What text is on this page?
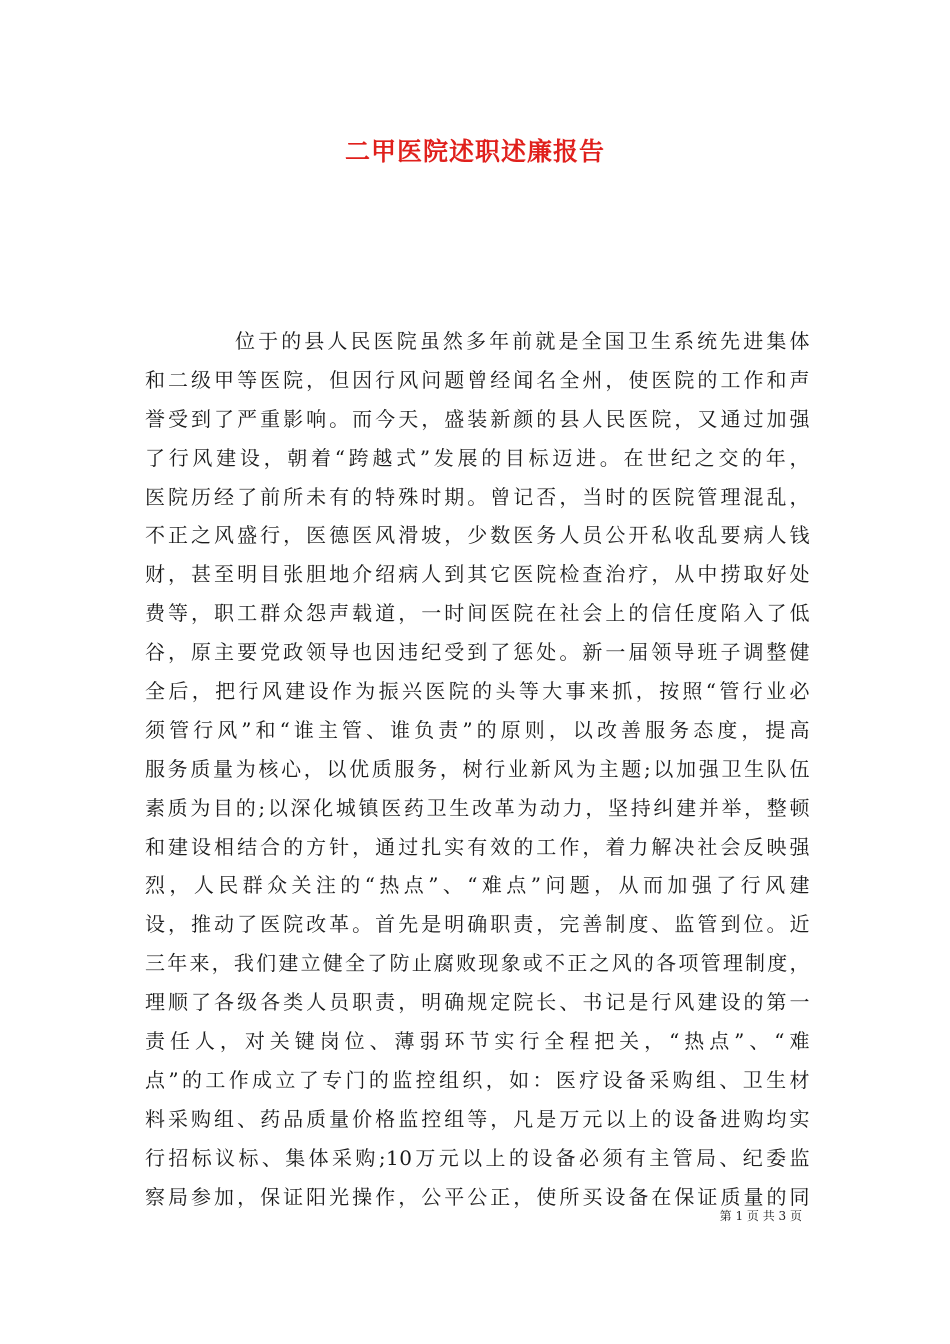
二甲医院述职述廉报告
位于的县人民医院虽然多年前就是全国卫生系统先进集体
和二级甲等医院，但因行风问题曾经闻名全州，使医院的工作和声
誉受到了严重影响。而今天，盛装新颜的县人民医院，又通过加强
了行风建设，朝着“跨越式”发展的目标迈进。在世纪之交的年，
医院历经了前所未有的特殊时期。曾记否，当时的医院管理混乱，
不正之风盛行，医德医风滑坡，少数医务人员公开私收乱要病人钱
财，甚至明目张胆地介绍病人到其它医院检查治疗，从中捞取好处
费等，职工群众怨声载道，一时间医院在社会上的信任度陷入了低
谷，原主要党政领导也因违纪受到了惩处。新一届领导班子调整健
全后，把行风建设作为振兴医院的头等大事来抓，按照“管行业必
须管行风”和“谁主管、谁负责”的原则，以改善服务态度，提高
服务质量为核心，以优质服务，树行业新风为主题;以加强卫生队伍
素质为目的;以深化城镇医药卫生改革为动力，坚持纠建并举，整顿
和建设相结合的方针，通过扎实有效的工作，着力解决社会反映强
烈，人民群众关注的“热点”、“难点”问题，从而加强了行风建
设，推动了医院改革。首先是明确职责，完善制度、监管到位。近
三年来，我们建立健全了防止腐败现象或不正之风的各项管理制度，
理顺了各级各类人员职责，明确规定院长、书记是行风建设的第一
责任人，对关键岗位、薄弱环节实行全程把关，“热点”、“难
点”的工作成立了专门的监控组织，如：医疗设备采购组、卫生材
料采购组、药品质量价格监控组等，凡是万元以上的设备进购均实
行招标议标、集体采购;10万元以上的设备必须有主管局、纪委监
察局参加，保证阳光操作，公平公正，使所买设备在保证质量的同
第 1 页 共 3 页
